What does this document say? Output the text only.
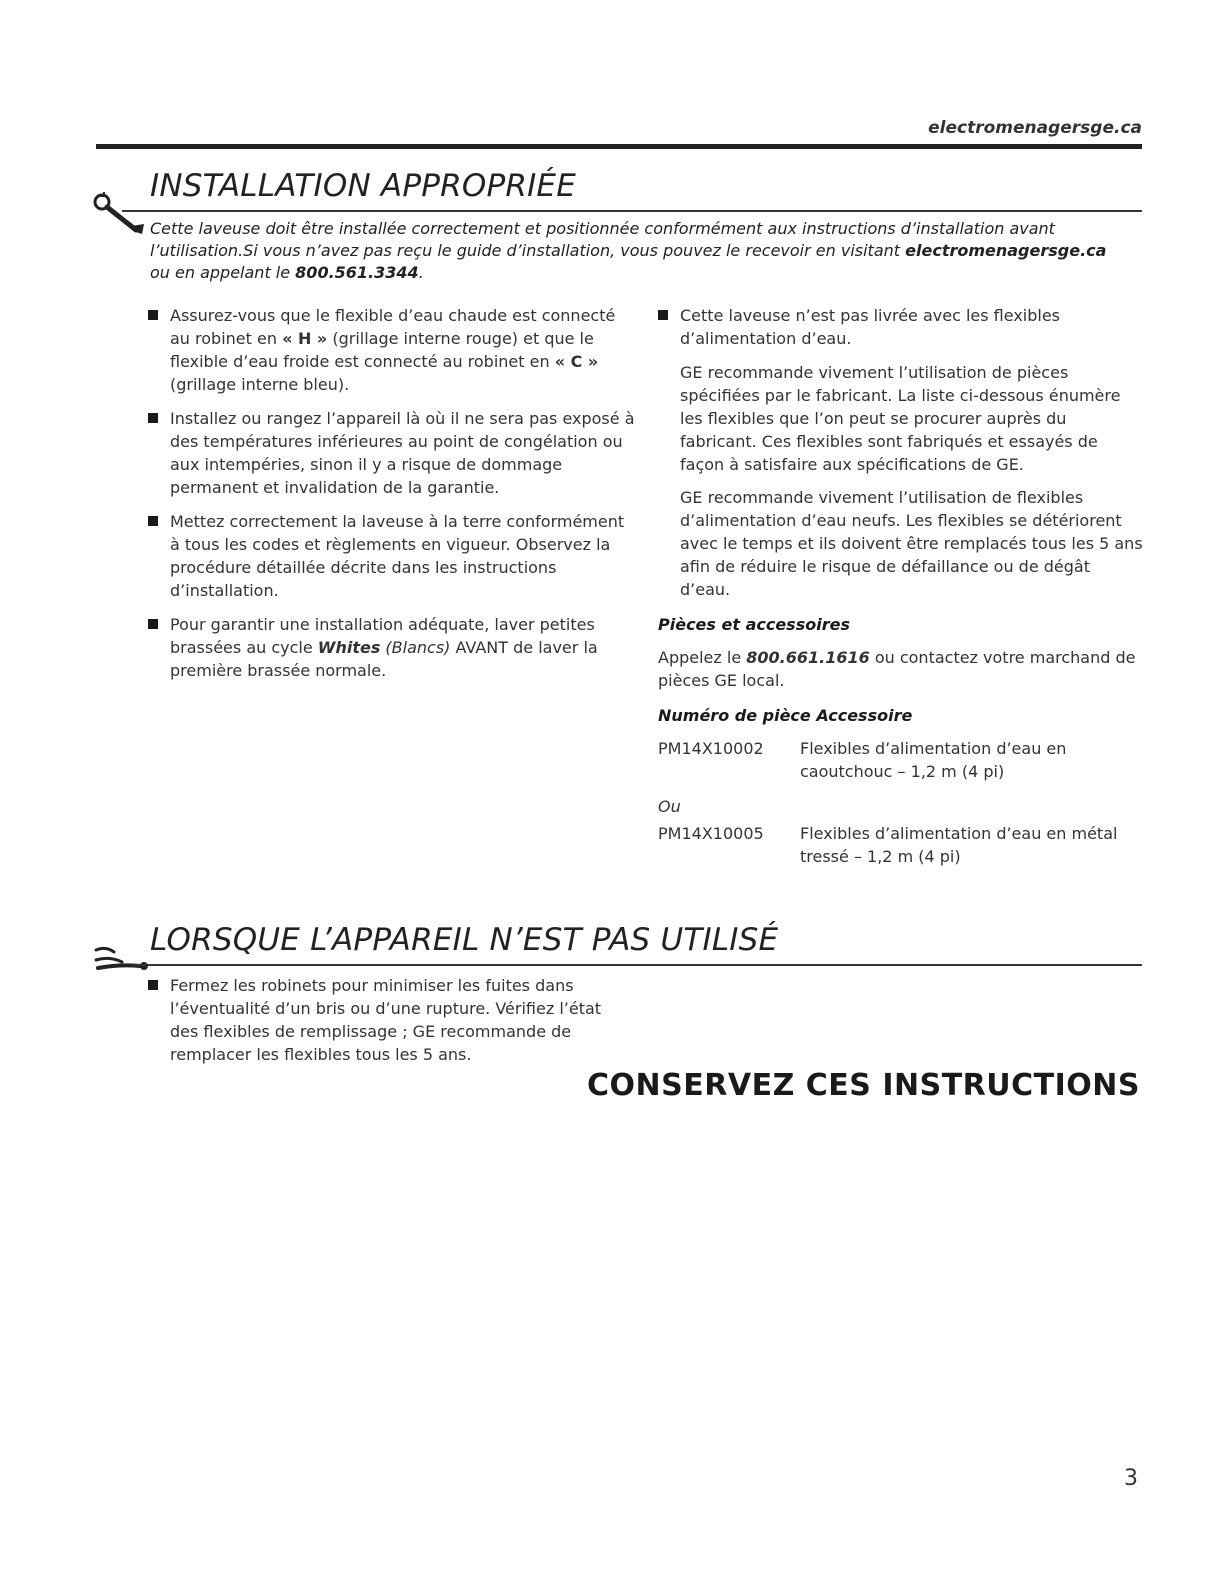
electromenagersge.ca
INSTALLATION APPROPRIÉE
Cette laveuse doit être installée correctement et positionnée conformément aux instructions d’installation avant
l’utilisation.Si vous n’avez pas reçu le guide d’installation, vous pouvez le recevoir en visitant electromenagersge.ca
ou en appelant le 800.561.3344.

Assurez-vous que le flexible d’eau chaude est connecté au robinet en « H » (grillage interne rouge) et que le flexible d’eau froide est connecté au robinet en « C » (grillage interne bleu).

Installez ou rangez l’appareil là où il ne sera pas exposé à des températures inférieures au point de congélation ou aux intempéries, sinon il y a risque de dommage permanent et invalidation de la garantie.

Mettez correctement la laveuse à la terre conformément à tous les codes et règlements en vigueur. Observez la procédure détaillée décrite dans les instructions d’installation.

Pour garantir une installation adéquate, laver petites brassées au cycle Whites (Blancs) AVANT de laver la première brassée normale.

Cette laveuse n’est pas livrée avec les flexibles d’alimentation d’eau.

GE recommande vivement l’utilisation de pièces spécifiées par le fabricant. La liste ci-dessous énumère les flexibles que l’on peut se procurer auprès du fabricant. Ces flexibles sont fabriqués et essayés de façon à satisfaire aux spécifications de GE.

GE recommande vivement l’utilisation de flexibles d’alimentation d’eau neufs. Les flexibles se détériorent avec le temps et ils doivent être remplacés tous les 5 ans afin de réduire le risque de défaillance ou de dégât d’eau.

Pièces et accessoires

Appelez le 800.661.1616 ou contactez votre marchand de pièces GE local.

Numéro de pièce Accessoire

PM14X10002	Flexibles d’alimentation d’eau en caoutchouc – 1,2 m (4 pi)
Ou	
PM14X10005	Flexibles d’alimentation d’eau en métal tressé – 1,2 m (4 pi)
LORSQUE L’APPAREIL N’EST PAS UTILISÉ

Fermez les robinets pour minimiser les fuites dans l’éventualité d’un bris ou d’une rupture. Vérifiez l’état des flexibles de remplissage ; GE recommande de remplacer les flexibles tous les 5 ans.

CONSERVEZ CES INSTRUCTIONS
3
